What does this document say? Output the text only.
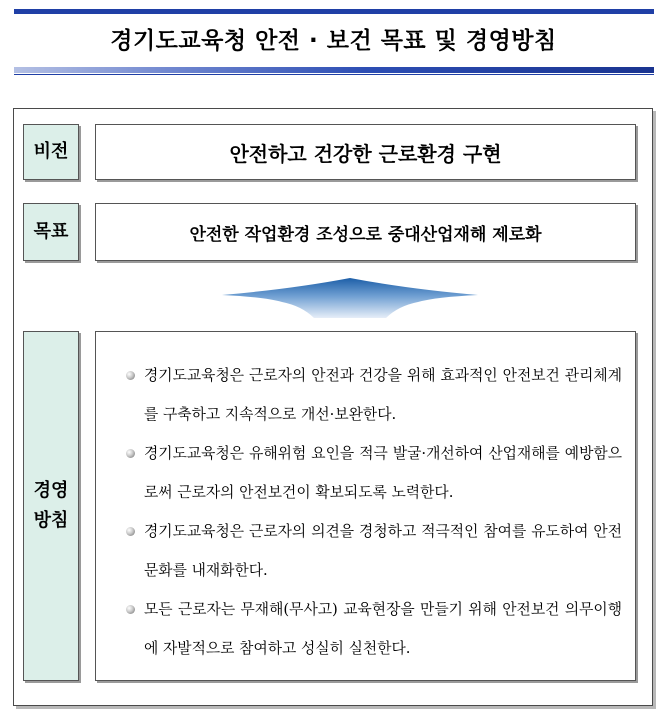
경기도교육청 안전 · 보건 목표 및 경영방침
비전	안전하고 건강한 근로환경 구현
목표	안전한 작업환경 조성으로 중대산업재해 제로화
경영
방침
경기도교육청은 근로자의 안전과 건강을 위해 효과적인 안전보건 관리체계를 구축하고 지속적으로 개선·보완한다.
경기도교육청은 유해위험 요인을 적극 발굴·개선하여 산업재해를 예방함으로써 근로자의 안전보건이 확보되도록 노력한다.
경기도교육청은 근로자의 의견을 경청하고 적극적인 참여를 유도하여 안전문화를 내재화한다.
모든 근로자는 무재해(무사고) 교육현장을 만들기 위해 안전보건 의무이행에 자발적으로 참여하고 성실히 실천한다.
